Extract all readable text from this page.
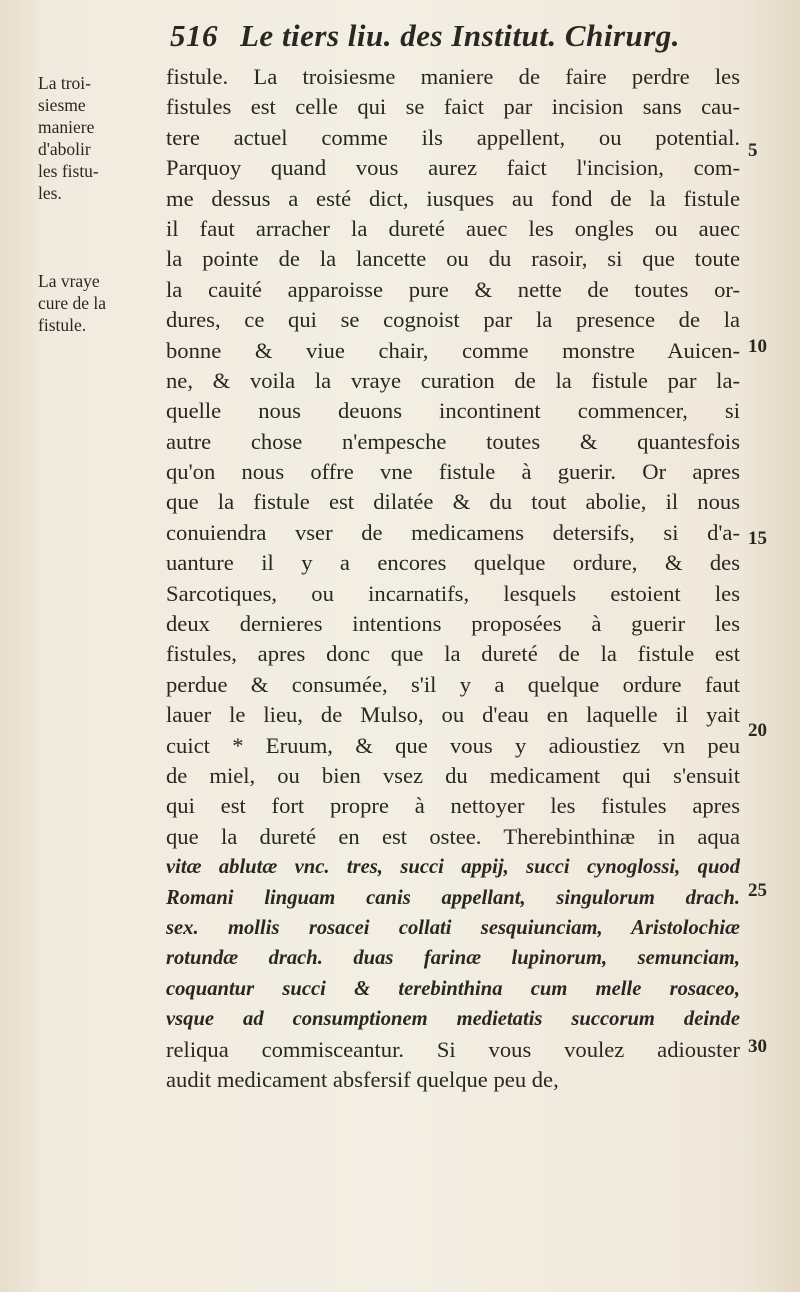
516 Le tiers liu. des Institut. Chirurg.
La troi-
siesme
maniere
d'abolir
les fistu-
les.
La vraye
cure de la
fistule.
5
10
15
20
25
30
fistule. La troisiesme maniere de faire perdre les
fistules est celle qui se faict par incision sans cau-
tere actuel comme ils appellent, ou potential.
Parquoy quand vous aurez faict l'incision, com-
me dessus a esté dict, iusques au fond de la fistule
il faut arracher la dureté auec les ongles ou auec
la pointe de la lancette ou du rasoir, si que toute
la cauité apparoisse pure & nette de toutes or-
dures, ce qui se cognoist par la presence de la
bonne & viue chair, comme monstre Auicen-
ne, & voila la vraye curation de la fistule par la-
quelle nous deuons incontinent commencer, si
autre chose n'empesche toutes & quantesfois
qu'on nous offre vne fistule à guerir. Or apres
que la fistule est dilatée & du tout abolie, il nous
conuiendra vser de medicamens detersifs, si d'a-
uanture il y a encores quelque ordure, & des
Sarcotiques, ou incarnatifs, lesquels estoient les
deux dernieres intentions proposées à guerir les
fistules, apres donc que la dureté de la fistule est
perdue & consumée, s'il y a quelque ordure faut
lauer le lieu, de Mulso, ou d'eau en laquelle il yait
cuict * Eruum, & que vous y adioustiez vn peu
de miel, ou bien vsez du medicament qui s'ensuit
qui est fort propre à nettoyer les fistules apres
que la dureté en est ostee. Therebinthinæ in aqua
vitæ ablutæ vnc. tres, succi appij, succi cynoglossi, quod
Romani linguam canis appellant, singulorum drach.
sex. mollis rosacei collati sesquiunciam, Aristolochiæ
rotundæ drach. duas farinæ lupinorum, semunciam,
coquantur succi & terebinthina cum melle rosaceo,
vsque ad consumptionem medietatis succorum deinde
reliqua commisceantur. Si vous voulez adiouster
audit medicament absfersif quelque peu de,
